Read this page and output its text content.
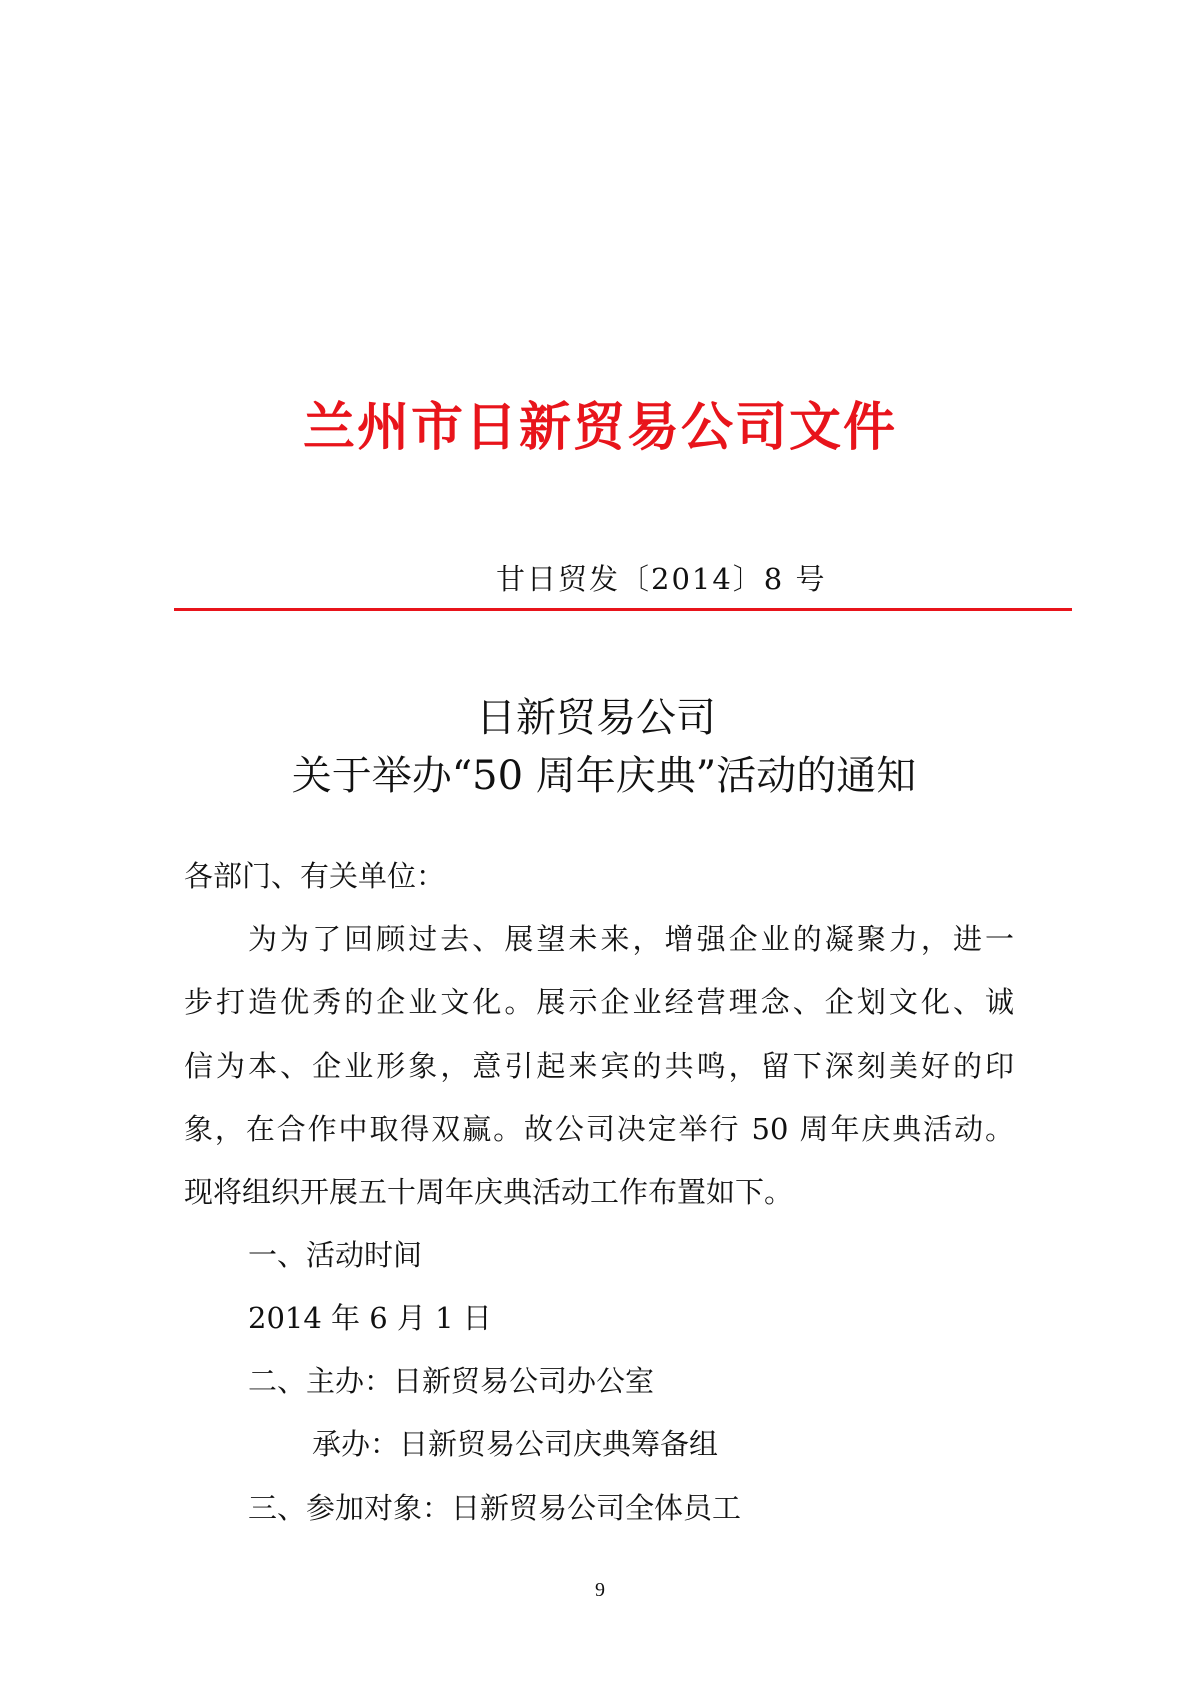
兰州市日新贸易公司文件
甘日贸发〔2014〕8 号
日新贸易公司
关于举办“50 周年庆典”活动的通知
各部门、有关单位：
为为了回顾过去、展望未来，增强企业的凝聚力，进一
步打造优秀的企业文化。展示企业经营理念、企划文化、诚
信为本、企业形象，意引起来宾的共鸣，留下深刻美好的印
象，在合作中取得双赢。故公司决定举行 50 周年庆典活动。
现将组织开展五十周年庆典活动工作布置如下。
一、活动时间
2014 年 6 月 1 日
二、主办：日新贸易公司办公室
承办：日新贸易公司庆典筹备组
三、参加对象：日新贸易公司全体员工
9
